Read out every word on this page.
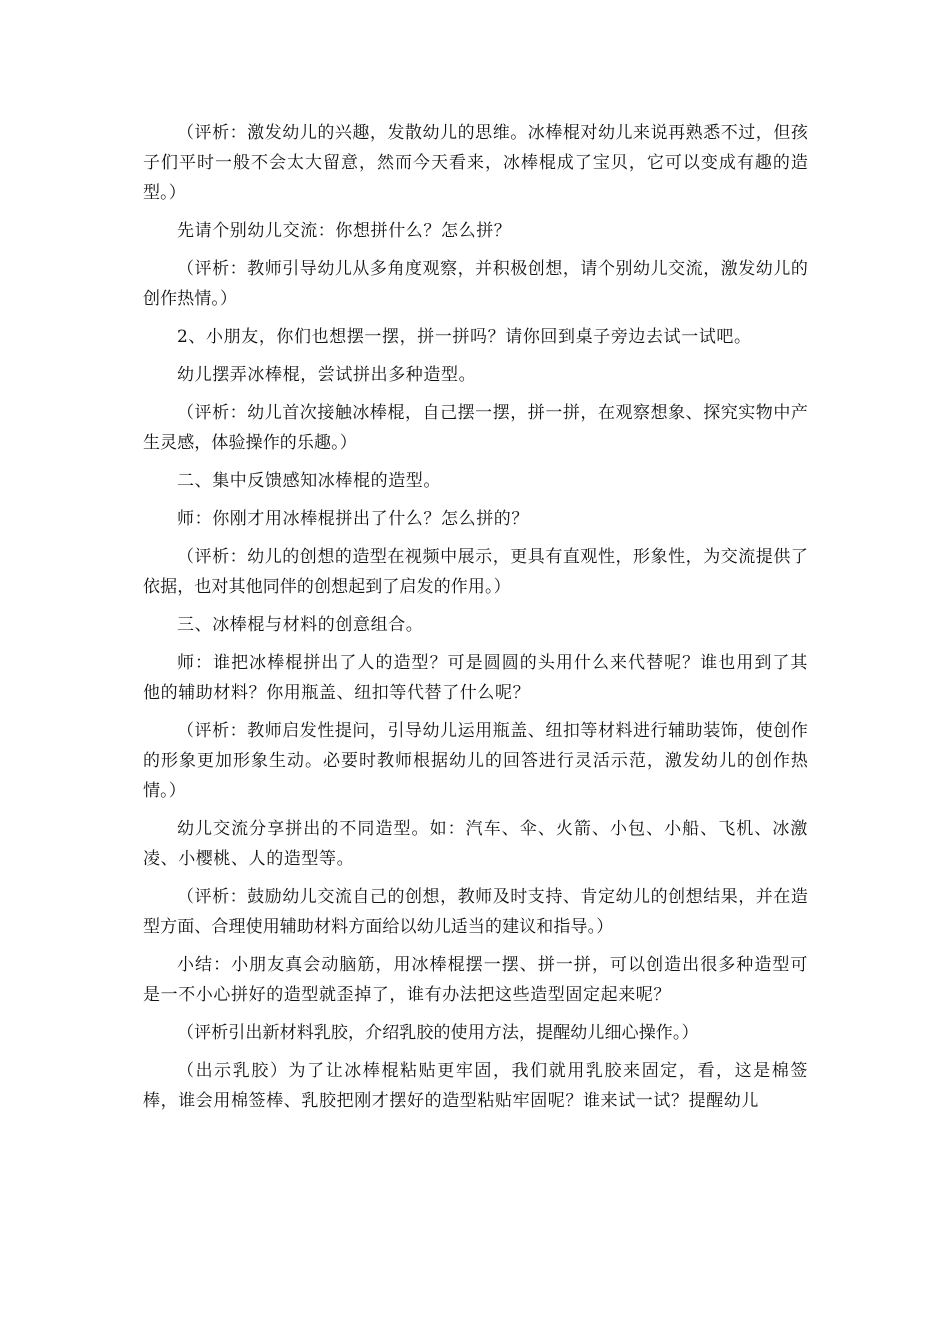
（评析：激发幼儿的兴趣，发散幼儿的思维。冰棒棍对幼儿来说再熟悉不过，但孩子们平时一般不会太大留意，然而今天看来，冰棒棍成了宝贝，它可以变成有趣的造型。）

先请个别幼儿交流：你想拼什么？怎么拼？

（评析：教师引导幼儿从多角度观察，并积极创想，请个别幼儿交流，激发幼儿的创作热情。）

2、小朋友，你们也想摆一摆，拼一拼吗？请你回到桌子旁边去试一试吧。

幼儿摆弄冰棒棍，尝试拼出多种造型。

（评析：幼儿首次接触冰棒棍，自己摆一摆，拼一拼，在观察想象、探究实物中产生灵感，体验操作的乐趣。）

二、集中反馈感知冰棒棍的造型。

师：你刚才用冰棒棍拼出了什么？怎么拼的？

（评析：幼儿的创想的造型在视频中展示，更具有直观性，形象性，为交流提供了依据，也对其他同伴的创想起到了启发的作用。）

三、冰棒棍与材料的创意组合。

师：谁把冰棒棍拼出了人的造型？可是圆圆的头用什么来代替呢？谁也用到了其他的辅助材料？你用瓶盖、纽扣等代替了什么呢？

（评析：教师启发性提问，引导幼儿运用瓶盖、纽扣等材料进行辅助装饰，使创作的形象更加形象生动。必要时教师根据幼儿的回答进行灵活示范，激发幼儿的创作热情。）

幼儿交流分享拼出的不同造型。如：汽车、伞、火箭、小包、小船、飞机、冰激凌、小樱桃、人的造型等。

（评析：鼓励幼儿交流自己的创想，教师及时支持、肯定幼儿的创想结果，并在造型方面、合理使用辅助材料方面给以幼儿适当的建议和指导。）

小结：小朋友真会动脑筋，用冰棒棍摆一摆、拼一拼，可以创造出很多种造型可是一不小心拼好的造型就歪掉了，谁有办法把这些造型固定起来呢？

（评析引出新材料乳胶，介绍乳胶的使用方法，提醒幼儿细心操作。）

（出示乳胶）为了让冰棒棍粘贴更牢固，我们就用乳胶来固定，看，这是棉签棒，谁会用棉签棒、乳胶把刚才摆好的造型粘贴牢固呢？谁来试一试？提醒幼儿
